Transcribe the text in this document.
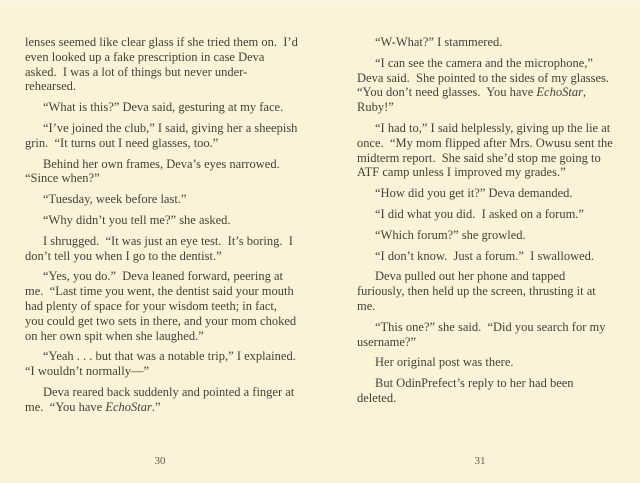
lenses seemed like clear glass if she tried them on.  I’d even looked up a fake prescription in case Deva asked.  I was a lot of things but never under-rehearsed.

“What is this?” Deva said, gesturing at my face.

“I’ve joined the club,” I said, giving her a sheepish grin.  “It turns out I need glasses, too.”

Behind her own frames, Deva’s eyes narrowed.  “Since when?”

“Tuesday, week before last.”

“Why didn’t you tell me?” she asked.

I shrugged.  “It was just an eye test.  It’s boring.  I don’t tell you when I go to the dentist.”

“Yes, you do.”  Deva leaned forward, peering at me.  “Last time you went, the dentist said your mouth had plenty of space for your wisdom teeth; in fact, you could get two sets in there, and your mom choked on her own spit when she laughed.”

“Yeah . . . but that was a notable trip,” I explained.  “I wouldn’t normally—”

Deva reared back suddenly and pointed a finger at me.  “You have EchoStar.”

30

“W-What?” I stammered.

“I can see the camera and the microphone,” Deva said.  She pointed to the sides of my glasses.  “You don’t need glasses.  You have EchoStar, Ruby!”

“I had to,” I said helplessly, giving up the lie at once.  “My mom flipped after Mrs. Owusu sent the midterm report.  She said she’d stop me going to ATF camp unless I improved my grades.”

“How did you get it?” Deva demanded.

“I did what you did.  I asked on a forum.”

“Which forum?” she growled.

“I don’t know.  Just a forum.”  I swallowed.

Deva pulled out her phone and tapped furiously, then held up the screen, thrusting it at me.

“This one?” she said.  “Did you search for my username?”

Her original post was there.

But OdinPrefect’s reply to her had been deleted.

31
